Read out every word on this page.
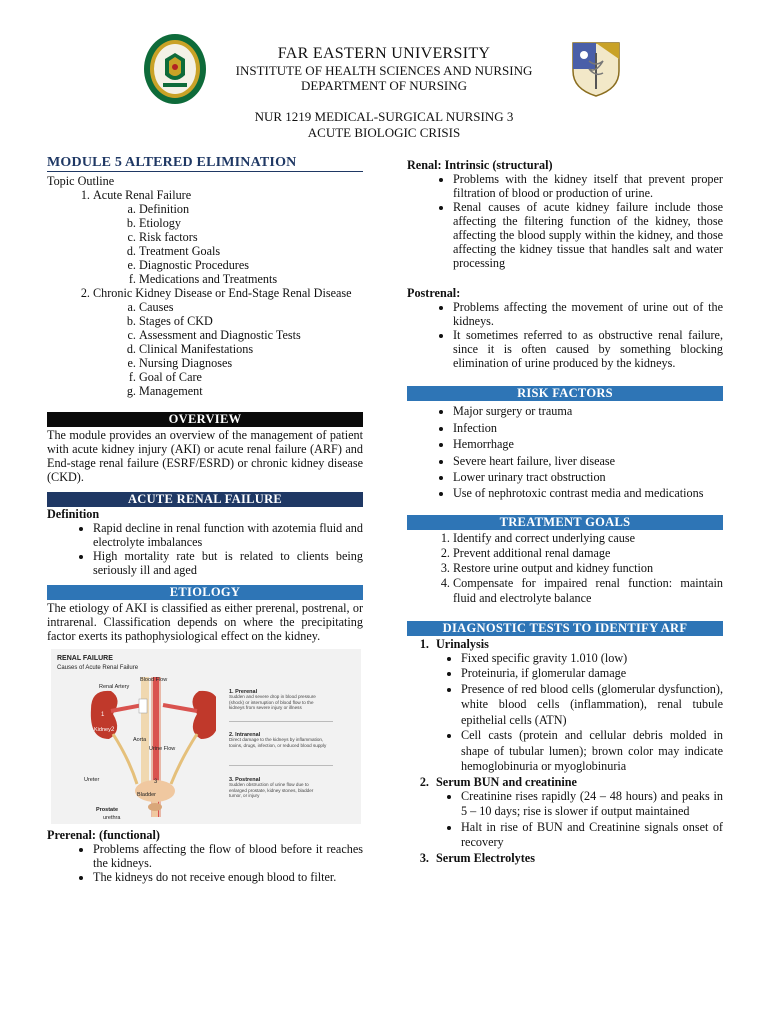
FAR EASTERN UNIVERSITY
INSTITUTE OF HEALTH SCIENCES AND NURSING
DEPARTMENT OF NURSING
NUR 1219 MEDICAL-SURGICAL NURSING 3
ACUTE BIOLOGIC CRISIS
MODULE 5 ALTERED ELIMINATION
Topic Outline
1. Acute Renal Failure
a. Definition
b. Etiology
c. Risk factors
d. Treatment Goals
e. Diagnostic Procedures
f. Medications and Treatments
2. Chronic Kidney Disease or End-Stage Renal Disease
a. Causes
b. Stages of CKD
c. Assessment and Diagnostic Tests
d. Clinical Manifestations
e. Nursing Diagnoses
f. Goal of Care
g. Management
OVERVIEW

The module provides an overview of the management of patient with acute kidney injury (AKI) or acute renal failure (ARF) and End-stage renal failure (ESRF/ESRD) or chronic kidney disease (CKD).

ACUTE RENAL FAILURE
Definition
• Rapid decline in renal function with azotemia fluid and electrolyte imbalances
• High mortality rate but is related to clients being seriously ill and aged
ETIOLOGY

The etiology of AKI is classified as either prerenal, postrenal, or intrarenal. Classification depends on where the precipitating factor exerts its pathophysiological effect on the kidney.

RENAL FAILURE
Causes of Acute Renal Failure
1
2
3
Blood Flow
Renal Artery
Kidney
Aorta
Urine Flow
Ureter
Bladder
Prostate
urethra
1. Prerenal
Sudden and severe drop in blood pressure (shock) or interruption of blood flow to the kidneys from severe injury or illness
2. Intrarenal
Direct damage to the kidneys by inflammation, toxins, drugs, infection, or reduced blood supply
3. Postrenal
Sudden obstruction of urine flow due to enlarged prostate, kidney stones, bladder tumor, or injury
Prerenal: (functional)
• Problems affecting the flow of blood before it reaches the kidneys.
• The kidneys do not receive enough blood to filter.
Renal: Intrinsic (structural)
• Problems with the kidney itself that prevent proper filtration of blood or production of urine.
• Renal causes of acute kidney failure include those affecting the filtering function of the kidney, those affecting the blood supply within the kidney, and those affecting the kidney tissue that handles salt and water processing
Postrenal:
• Problems affecting the movement of urine out of the kidneys.
• It sometimes referred to as obstructive renal failure, since it is often caused by something blocking elimination of urine produced by the kidneys.
RISK FACTORS
• Major surgery or trauma
• Infection
• Hemorrhage
• Severe heart failure, liver disease
• Lower urinary tract obstruction
• Use of nephrotoxic contrast media and medications
TREATMENT GOALS
1. Identify and correct underlying cause
2. Prevent additional renal damage
3. Restore urine output and kidney function
4. Compensate for impaired renal function: maintain fluid and electrolyte balance
DIAGNOSTIC TESTS TO IDENTIFY ARF
1. Urinalysis
• Fixed specific gravity 1.010 (low)
• Proteinuria, if glomerular damage
• Presence of red blood cells (glomerular dysfunction), white blood cells (inflammation), renal tubule epithelial cells (ATN)
• Cell casts (protein and cellular debris molded in shape of tubular lumen); brown color may indicate hemoglobinuria or myoglobinuria
2. Serum BUN and creatinine
• Creatinine rises rapidly (24 – 48 hours) and peaks in 5 – 10 days; rise is slower if output maintained
• Halt in rise of BUN and Creatinine signals onset of recovery
3. Serum Electrolytes
